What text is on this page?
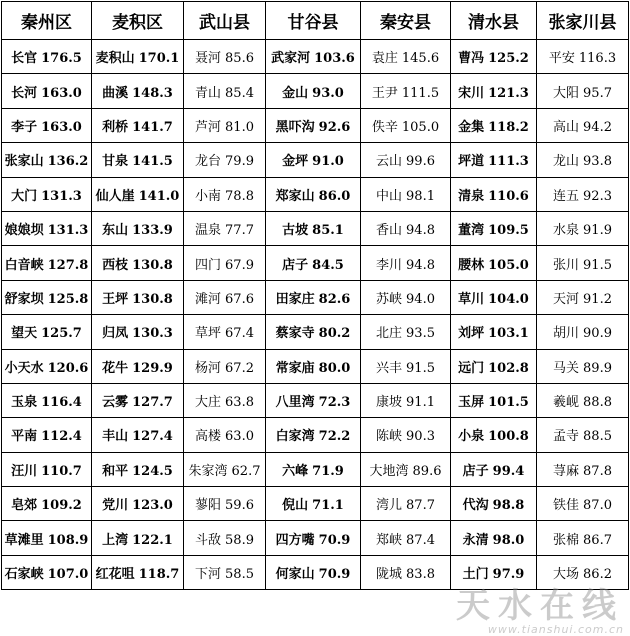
秦州区	麦积区	武山县	甘谷县	秦安县	清水县	张家川县
长官 176.5	麦积山 170.1	聂河 85.6	武家河 103.6	袁庄 145.6	曹冯 125.2	平安 116.3
长河 163.0	曲溪 148.3	青山 85.4	金山 93.0	王尹 111.5	宋川 121.3	大阳 95.7
李子 163.0	利桥 141.7	芦河 81.0	黑吓沟 92.6	佚辛 105.0	金集 118.2	高山 94.2
张家山 136.2	甘泉 141.5	龙台 79.9	金坪 91.0	云山 99.6	坪道 111.3	龙山 93.8
大门 131.3	仙人崖 141.0	小南 78.8	郑家山 86.0	中山 98.1	清泉 110.6	连五 92.3
娘娘坝 131.3	东山 133.9	温泉 77.7	古坡 85.1	香山 94.8	董湾 109.5	水泉 91.9
白音峡 127.8	西枝 130.8	四门 67.9	店子 84.5	李川 94.8	腰林 105.0	张川 91.5
舒家坝 125.8	王坪 130.8	滩河 67.6	田家庄 82.6	苏峡 94.0	草川 104.0	天河 91.2
望天 125.7	归凤 130.3	草坪 67.4	蔡家寺 80.2	北庄 93.5	刘坪 103.1	胡川 90.9
小天水 120.6	花牛 129.9	杨河 67.2	常家庙 80.0	兴丰 91.5	远门 102.8	马关 89.9
玉泉 116.4	云雾 127.7	大庄 63.8	八里湾 72.3	康坡 91.1	玉屏 101.5	羲岘 88.8
平南 112.4	丰山 127.4	高楼 63.0	白家湾 72.2	陈峡 90.3	小泉 100.8	孟寺 88.5
汪川 110.7	和平 124.5	朱家湾 62.7	六峰 71.9	大地湾 89.6	店子 99.4	荨麻 87.8
皂郊 109.2	党川 123.0	蓼阳 59.6	倪山 71.1	湾儿 87.7	代沟 98.8	铁佳 87.0
草滩里 108.9	上湾 122.1	斗敌 58.9	四方嘴 70.9	郑峡 87.4	永清 98.0	张棉 86.7
石家峡 107.0	红花咀 118.7	下河 58.5	何家山 70.9	陇城 83.8	土门 97.9	大场 86.2
天水在线
www.tianshui.com.cn
